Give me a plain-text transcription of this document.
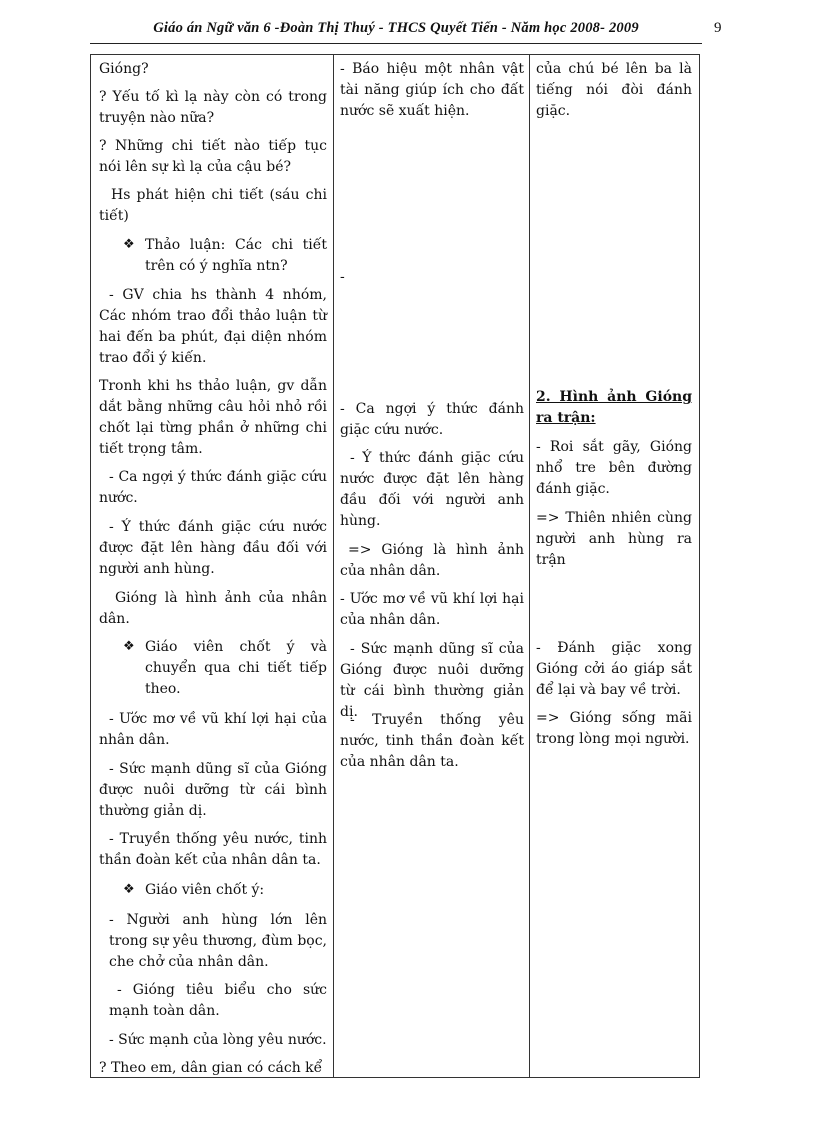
Giáo án Ngữ văn 6 -Đoàn Thị Thuý - THCS Quyết Tiến - Năm học 2008- 2009	9

Gióng?

? Yếu tố kì lạ này còn có trong truyện nào nữa?

? Những chi tiết nào tiếp tục nói lên sự kì lạ của cậu bé?

Hs phát hiện chi tiết (sáu chi tiết)

❖ Thảo luận: Các chi tiết trên có ý nghĩa ntn?

- GV chia hs thành 4 nhóm, Các nhóm trao đổi thảo luận từ hai đến ba phút, đại diện nhóm trao đổi ý kiến.

Tronh khi hs thảo luận, gv dẫn dắt bằng những câu hỏi nhỏ rồi chốt lại từng phần ở những chi tiết trọng tâm.

- Ca ngợi ý thức đánh giặc cứu nước.

- Ý thức đánh giặc cứu nước được đặt lên hàng đầu đối với người anh hùng.

Gióng là hình ảnh của nhân dân.

❖ Giáo viên chốt ý và chuyển qua chi tiết tiếp theo.

- Ước mơ về vũ khí lợi hại của nhân dân.

- Sức mạnh dũng sĩ của Gióng được nuôi dưỡng từ cái bình thường giản dị.

- Truyền thống yêu nước, tinh thần đoàn kết của nhân dân ta.

❖ Giáo viên chốt ý:

- Người anh hùng lớn lên trong sự yêu thương, đùm bọc, che chở của nhân dân.

- Gióng tiêu biểu cho sức mạnh toàn dân.

- Sức mạnh của lòng yêu nước.

? Theo em, dân gian có cách kể

- Báo hiệu một nhân vật tài năng giúp ích cho đất nước sẽ xuất hiện.

-

- Ca ngợi ý thức đánh giặc cứu nước.

- Ý thức đánh giặc cứu nước được đặt lên hàng đầu đối với người anh hùng.

=> Gióng là hình ảnh của nhân dân.

- Ước mơ về vũ khí lợi hại của nhân dân.

- Sức mạnh dũng sĩ của Gióng được nuôi dưỡng từ cái bình thường giản dị.

- Truyền thống yêu nước, tinh thần đoàn kết của nhân dân ta.

của chú bé lên ba là tiếng nói đòi đánh giặc.

2. Hình ảnh Gióng ra trận:

- Roi sắt gãy, Gióng nhổ tre bên đường đánh giặc.

=> Thiên nhiên cùng người anh hùng ra trận

- Đánh giặc xong Gióng cởi áo giáp sắt để lại và bay về trời.

=> Gióng sống mãi trong lòng mọi người.
